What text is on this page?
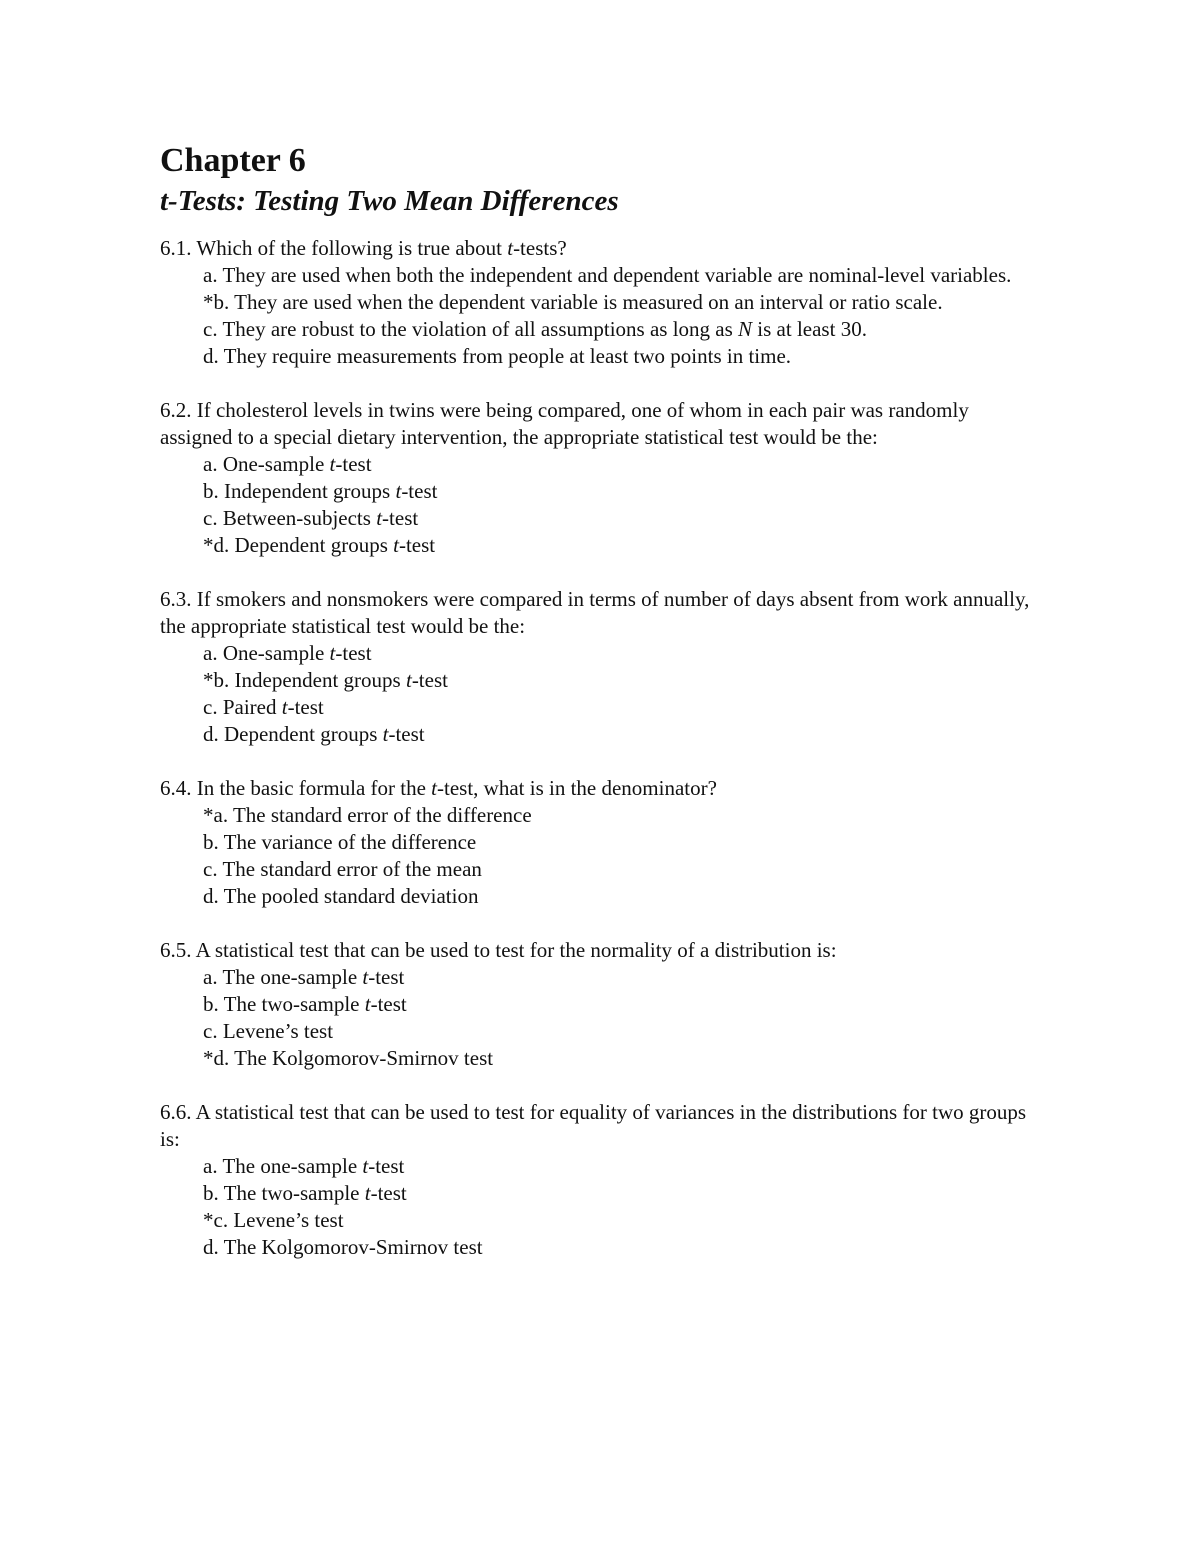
Chapter 6
t-Tests: Testing Two Mean Differences

6.1. Which of the following is true about t-tests?

a. They are used when both the independent and dependent variable are nominal-level variables.

*b. They are used when the dependent variable is measured on an interval or ratio scale.

c. They are robust to the violation of all assumptions as long as N is at least 30.

d. They require measurements from people at least two points in time.

6.2. If cholesterol levels in twins were being compared, one of whom in each pair was randomly assigned to a special dietary intervention, the appropriate statistical test would be the:

a. One-sample t-test

b. Independent groups t-test

c. Between-subjects t-test

*d. Dependent groups t-test

6.3. If smokers and nonsmokers were compared in terms of number of days absent from work annually, the appropriate statistical test would be the:

a. One-sample t-test

*b. Independent groups t-test

c. Paired t-test

d. Dependent groups t-test

6.4. In the basic formula for the t-test, what is in the denominator?

*a. The standard error of the difference

b. The variance of the difference

c. The standard error of the mean

d. The pooled standard deviation

6.5. A statistical test that can be used to test for the normality of a distribution is:

a. The one-sample t-test

b. The two-sample t-test

c. Levene’s test

*d. The Kolgomorov-Smirnov test

6.6. A statistical test that can be used to test for equality of variances in the distributions for two groups is:

a. The one-sample t-test

b. The two-sample t-test

*c. Levene’s test

d. The Kolgomorov-Smirnov test
